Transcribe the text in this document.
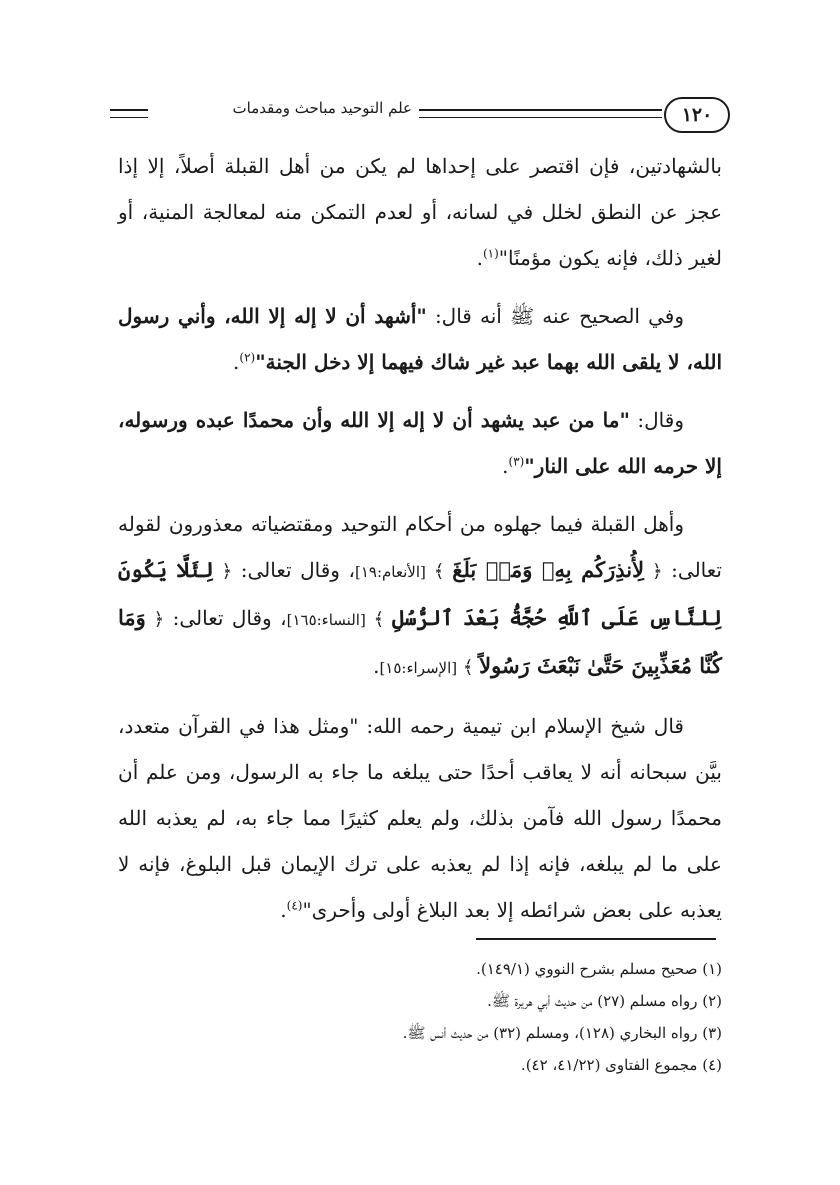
١٢٠
علم التوحيد مباحث ومقدمات

بالشهادتين، فإن اقتصر على إحداها لم يكن من أهل القبلة أصلاً، إلا إذا عجز عن النطق لخلل في لسانه، أو لعدم التمكن منه لمعالجة المنية، أو لغير ذلك، فإنه يكون مؤمنًا"$^{(١)}$.

وفي الصحيح عنه ﷺ أنه قال: "أشهد أن لا إله إلا الله، وأني رسول الله، لا يلقى الله بهما عبد غير شاك فيهما إلا دخل الجنة"$^{(٢)}$.

وقال: "ما من عبد يشهد أن لا إله إلا الله وأن محمدًا عبده ورسوله، إلا حرمه الله على النار"$^{(٣)}$.

وأهل القبلة فيما جهلوه من أحكام التوحيد ومقتضياته معذورون لقوله تعالى: ﴿ لِأُنذِرَكُم بِهِۦ وَمَنۢ بَلَغَ ﴾ [الأنعام:١٩]، وقال تعالى: ﴿ لِئَلَّا يَكُونَ لِلنَّاسِ عَلَى ٱللَّهِ حُجَّةُۢ بَعْدَ ٱلرُّسُلِ ﴾ [النساء:١٦٥]، وقال تعالى: ﴿ وَمَا كُنَّا مُعَذِّبِينَ حَتَّىٰ نَبْعَثَ رَسُولاً ﴾ [الإسراء:١٥].

قال شيخ الإسلام ابن تيمية رحمه الله: "ومثل هذا في القرآن متعدد، بيَّن سبحانه أنه لا يعاقب أحدًا حتى يبلغه ما جاء به الرسول، ومن علم أن محمدًا رسول الله فآمن بذلك، ولم يعلم كثيرًا مما جاء به، لم يعذبه الله على ما لم يبلغه، فإنه إذا لم يعذبه على ترك الإيمان قبل البلوغ، فإنه لا يعذبه على بعض شرائطه إلا بعد البلاغ أولى وأحرى"$^{(٤)}$.

(١) صحيح مسلم بشرح النووي (١٤٩/١).
(٢) رواه مسلم (٢٧) من حديث أبي هريرة ﷺ.
(٣) رواه البخاري (١٢٨)، ومسلم (٣٢) من حديث أنس ﷺ.
(٤) مجموع الفتاوى (٤١/٢٢، ٤٢).
